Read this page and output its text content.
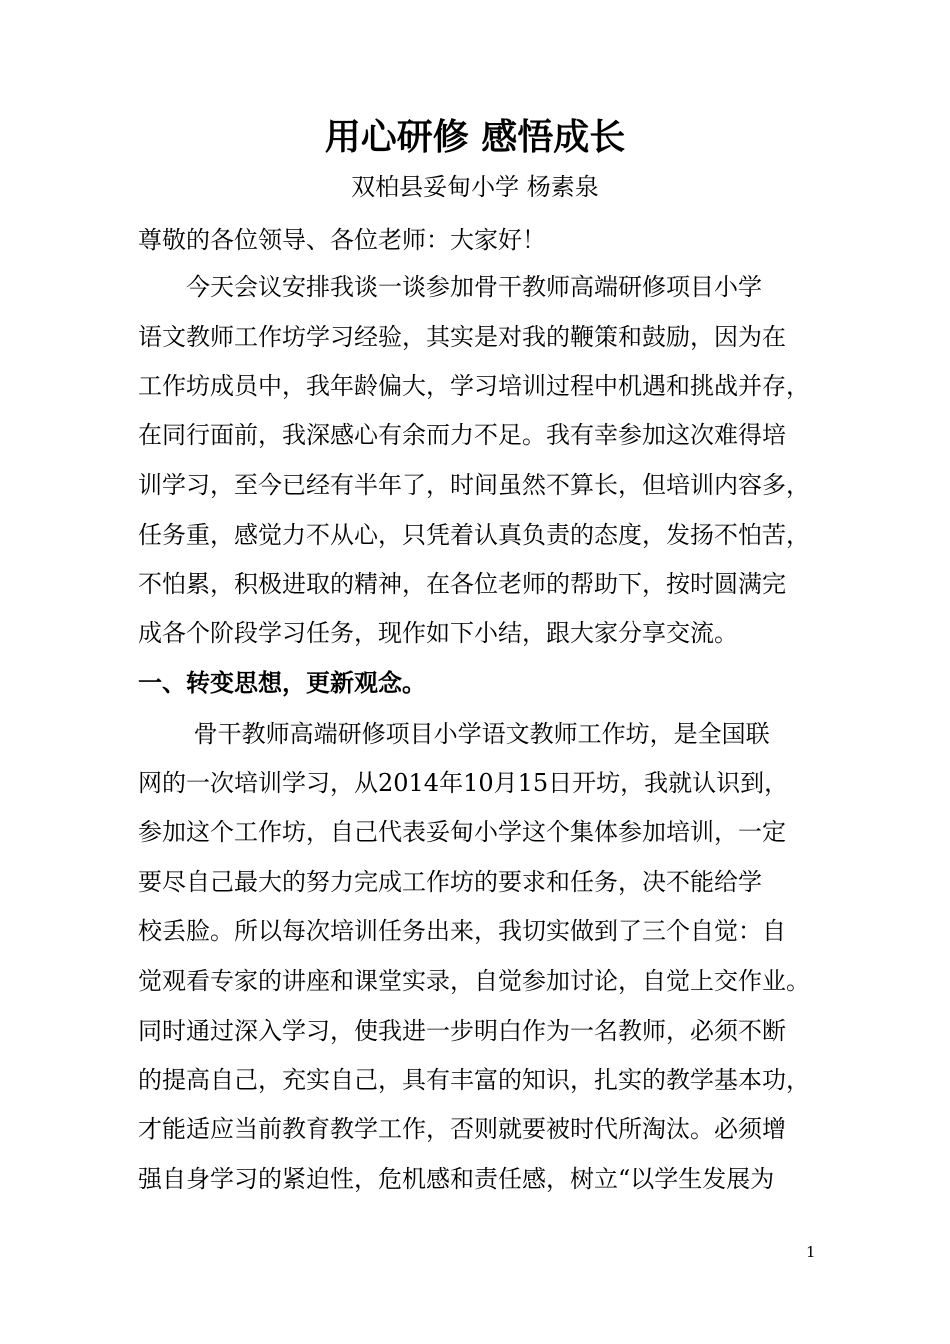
用心研修 感悟成长
双柏县妥甸小学 杨素泉
尊敬的各位领导、各位老师：大家好！
　　今天会议安排我谈一谈参加骨干教师高端研修项目小学
语文教师工作坊学习经验，其实是对我的鞭策和鼓励，因为在
工作坊成员中，我年龄偏大，学习培训过程中机遇和挑战并存，
在同行面前，我深感心有余而力不足。我有幸参加这次难得培
训学习，至今已经有半年了，时间虽然不算长，但培训内容多，
任务重，感觉力不从心，只凭着认真负责的态度，发扬不怕苦，
不怕累，积极进取的精神，在各位老师的帮助下，按时圆满完
成各个阶段学习任务，现作如下小结，跟大家分享交流。
一、转变思想，更新观念。
　　 骨干教师高端研修项目小学语文教师工作坊，是全国联
网的一次培训学习，从2014年10月15日开坊，我就认识到，
参加这个工作坊，自己代表妥甸小学这个集体参加培训，一定
要尽自己最大的努力完成工作坊的要求和任务，决不能给学
校丢脸。所以每次培训任务出来，我切实做到了三个自觉：自
觉观看专家的讲座和课堂实录，自觉参加讨论，自觉上交作业。
同时通过深入学习，使我进一步明白作为一名教师，必须不断
的提高自己，充实自己，具有丰富的知识，扎实的教学基本功，
才能适应当前教育教学工作，否则就要被时代所淘汰。必须增
强自身学习的紧迫性，危机感和责任感，树立“以学生发展为
1
